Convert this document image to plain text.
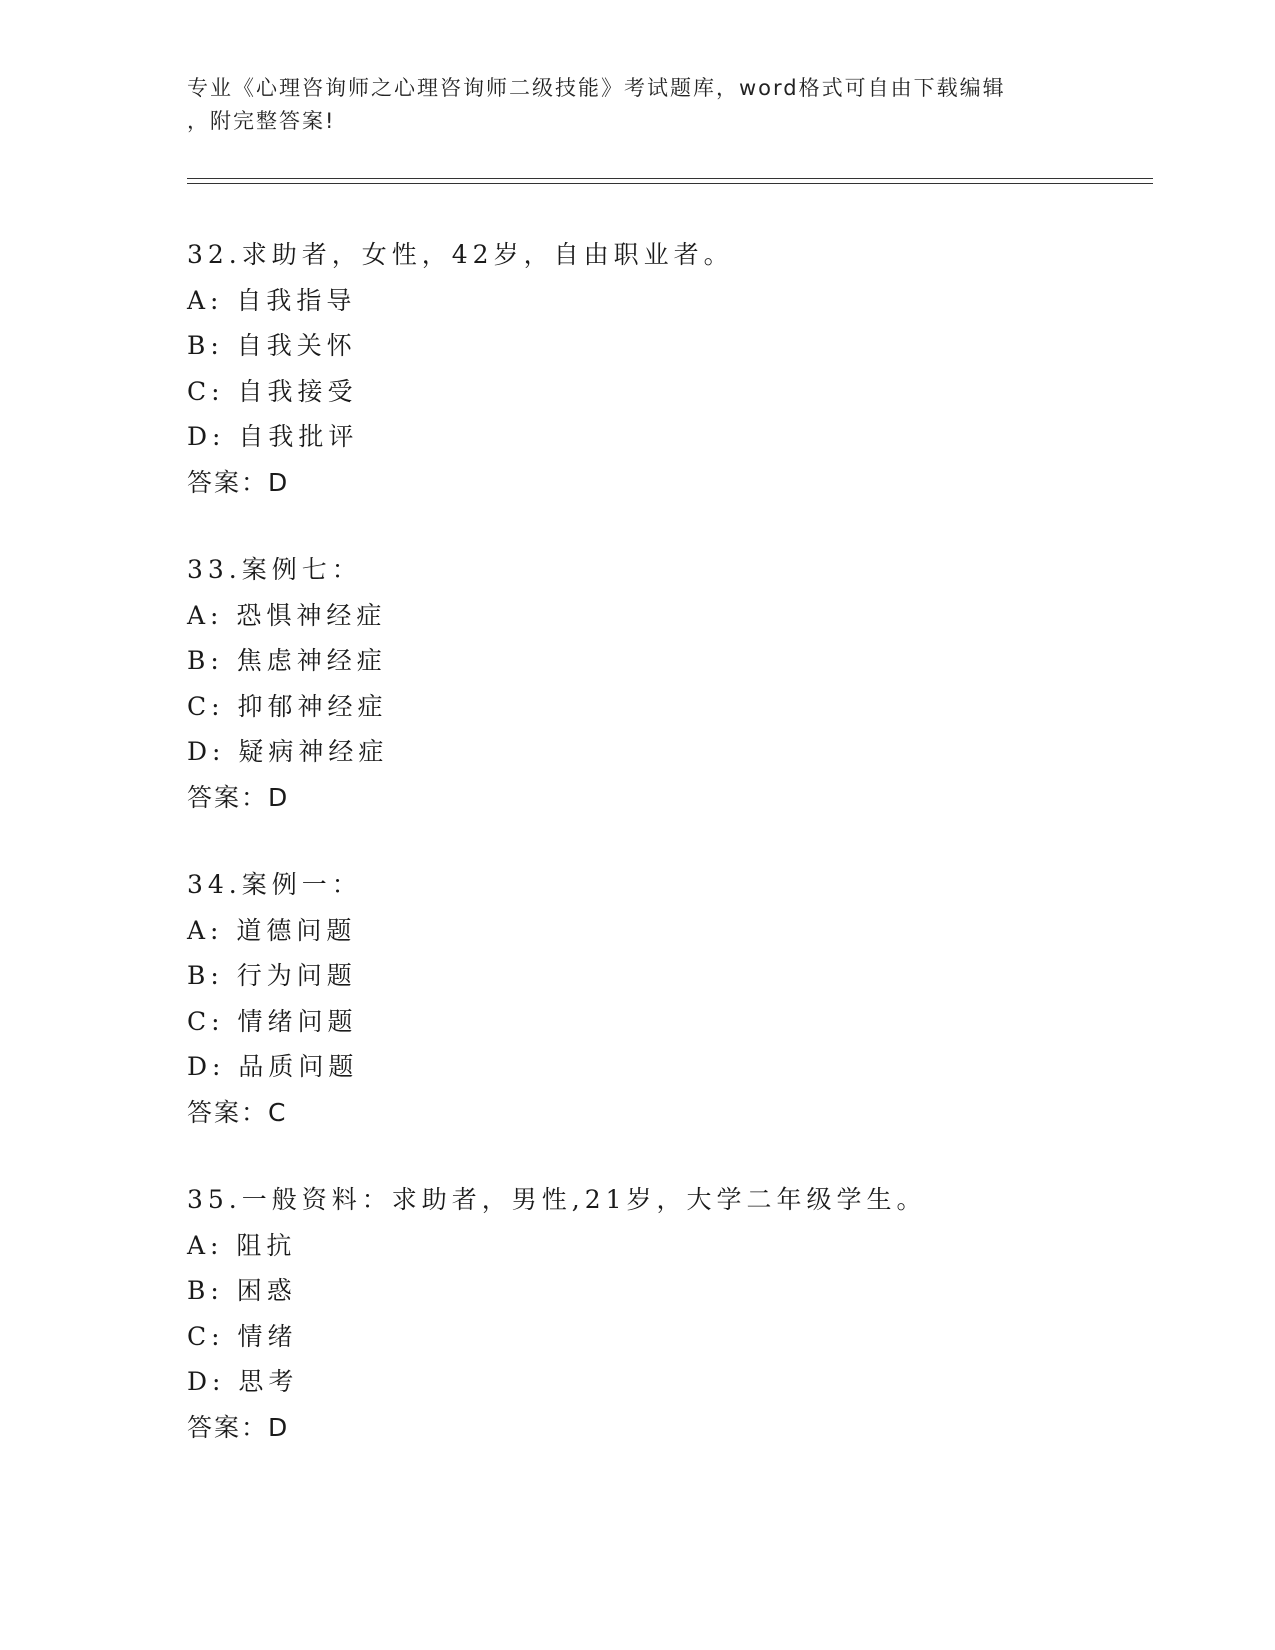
专业《心理咨询师之心理咨询师二级技能》考试题库，word格式可自由下载编辑
，附完整答案!
32.求助者，女性，42岁，自由职业者。
A: 自我指导
B: 自我关怀
C: 自我接受
D: 自我批评
答案：D
33.案例七：
A: 恐惧神经症
B: 焦虑神经症
C: 抑郁神经症
D: 疑病神经症
答案：D
34.案例一：
A: 道德问题
B: 行为问题
C: 情绪问题
D: 品质问题
答案：C
35.一般资料：求助者，男性,21岁，大学二年级学生。
A: 阻抗
B: 困惑
C: 情绪
D: 思考
答案：D
